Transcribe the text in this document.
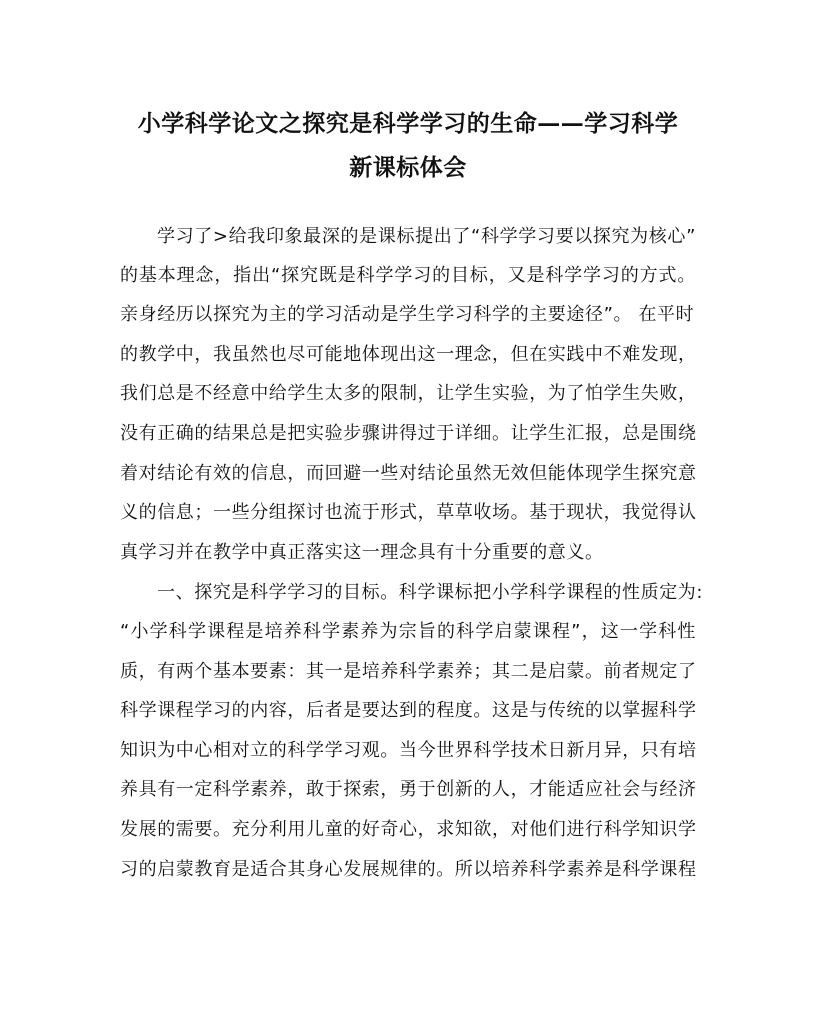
小学科学论文之探究是科学学习的生命——学习科学
新课标体会
学习了>给我印象最深的是课标提出了“科学学习要以探究为核心”
的基本理念，指出“探究既是科学学习的目标，又是科学学习的方式。
亲身经历以探究为主的学习活动是学生学习科学的主要途径”。 在平时
的教学中，我虽然也尽可能地体现出这一理念，但在实践中不难发现，
我们总是不经意中给学生太多的限制，让学生实验，为了怕学生失败，
没有正确的结果总是把实验步骤讲得过于详细。让学生汇报，总是围绕
着对结论有效的信息，而回避一些对结论虽然无效但能体现学生探究意
义的信息；一些分组探讨也流于形式，草草收场。基于现状，我觉得认
真学习并在教学中真正落实这一理念具有十分重要的意义。
一、探究是科学学习的目标。科学课标把小学科学课程的性质定为:
“小学科学课程是培养科学素养为宗旨的科学启蒙课程”，这一学科性
质，有两个基本要素：其一是培养科学素养；其二是启蒙。前者规定了
科学课程学习的内容，后者是要达到的程度。这是与传统的以掌握科学
知识为中心相对立的科学学习观。当今世界科学技术日新月异，只有培
养具有一定科学素养，敢于探索，勇于创新的人，才能适应社会与经济
发展的需要。充分利用儿童的好奇心，求知欲，对他们进行科学知识学
习的启蒙教育是适合其身心发展规律的。所以培养科学素养是科学课程
